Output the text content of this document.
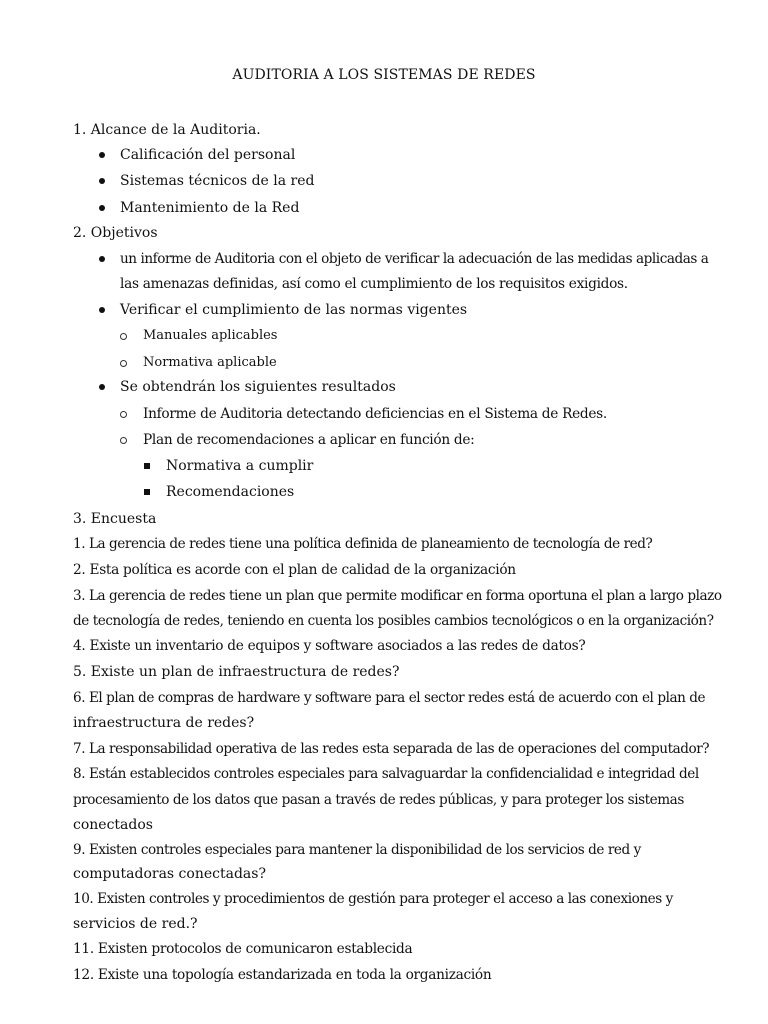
AUDITORIA A LOS SISTEMAS DE REDES
1. Alcance de la Auditoria.
Calificación del personal
Sistemas técnicos de la red
Mantenimiento de la Red
2. Objetivos
un informe de Auditoria con el objeto de verificar la adecuación de las medidas aplicadas a
las amenazas definidas, así como el cumplimiento de los requisitos exigidos.
Verificar el cumplimiento de las normas vigentes
Manuales aplicables
Normativa aplicable
Se obtendrán los siguientes resultados
Informe de Auditoria detectando deficiencias en el Sistema de Redes.
Plan de recomendaciones a aplicar en función de:
Normativa a cumplir
Recomendaciones
3. Encuesta
1. La gerencia de redes tiene una política definida de planeamiento de tecnología de red?
2. Esta política es acorde con el plan de calidad de la organización
3. La gerencia de redes tiene un plan que permite modificar en forma oportuna el plan a largo plazo
de tecnología de redes, teniendo en cuenta los posibles cambios tecnológicos o en la organización?
4. Existe un inventario de equipos y software asociados a las redes de datos?
5. Existe un plan de infraestructura de redes?
6. El plan de compras de hardware y software para el sector redes está de acuerdo con el plan de
infraestructura de redes?
7. La responsabilidad operativa de las redes esta separada de las de operaciones del computador?
8. Están establecidos controles especiales para salvaguardar la confidencialidad e integridad del
procesamiento de los datos que pasan a través de redes públicas, y para proteger los sistemas
conectados
9. Existen controles especiales para mantener la disponibilidad de los servicios de red y
computadoras conectadas?
10. Existen controles y procedimientos de gestión para proteger el acceso a las conexiones y
servicios de red.?
11. Existen protocolos de comunicaron establecida
12. Existe una topología estandarizada en toda la organización
